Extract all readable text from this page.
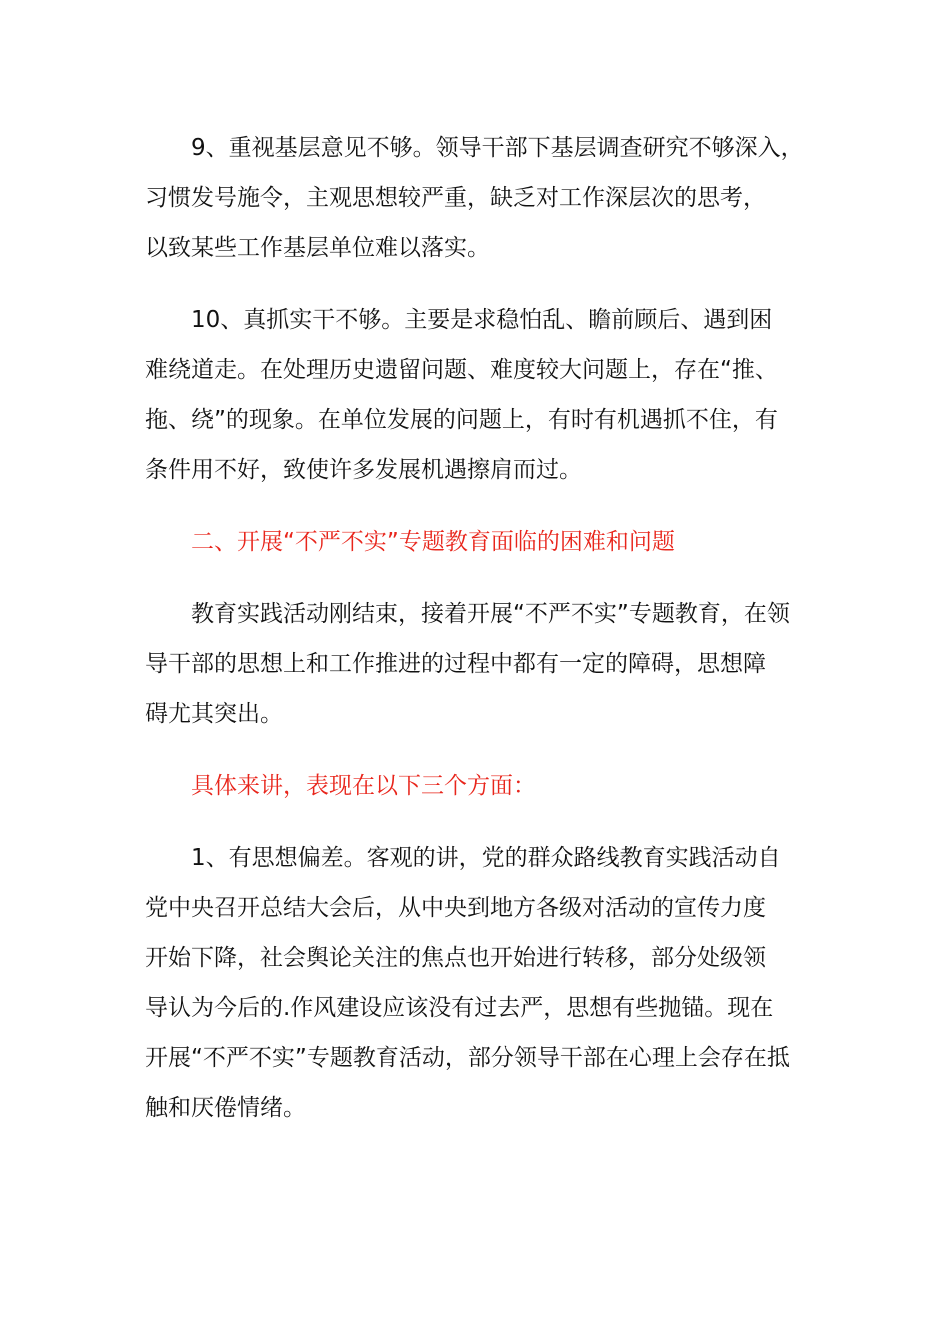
9、重视基层意见不够。领导干部下基层调查研究不够深入，
习惯发号施令，主观思想较严重，缺乏对工作深层次的思考，
以致某些工作基层单位难以落实。

10、真抓实干不够。主要是求稳怕乱、瞻前顾后、遇到困
难绕道走。在处理历史遗留问题、难度较大问题上，存在“推、
拖、绕”的现象。在单位发展的问题上，有时有机遇抓不住，有
条件用不好，致使许多发展机遇擦肩而过。

二、开展“不严不实”专题教育面临的困难和问题

教育实践活动刚结束，接着开展“不严不实”专题教育，在领
导干部的思想上和工作推进的过程中都有一定的障碍，思想障
碍尤其突出。

具体来讲，表现在以下三个方面：

1、有思想偏差。客观的讲，党的群众路线教育实践活动自
党中央召开总结大会后，从中央到地方各级对活动的宣传力度
开始下降，社会舆论关注的焦点也开始进行转移，部分处级领
导认为今后的.作风建设应该没有过去严，思想有些抛锚。现在
开展“不严不实”专题教育活动，部分领导干部在心理上会存在抵
触和厌倦情绪。
